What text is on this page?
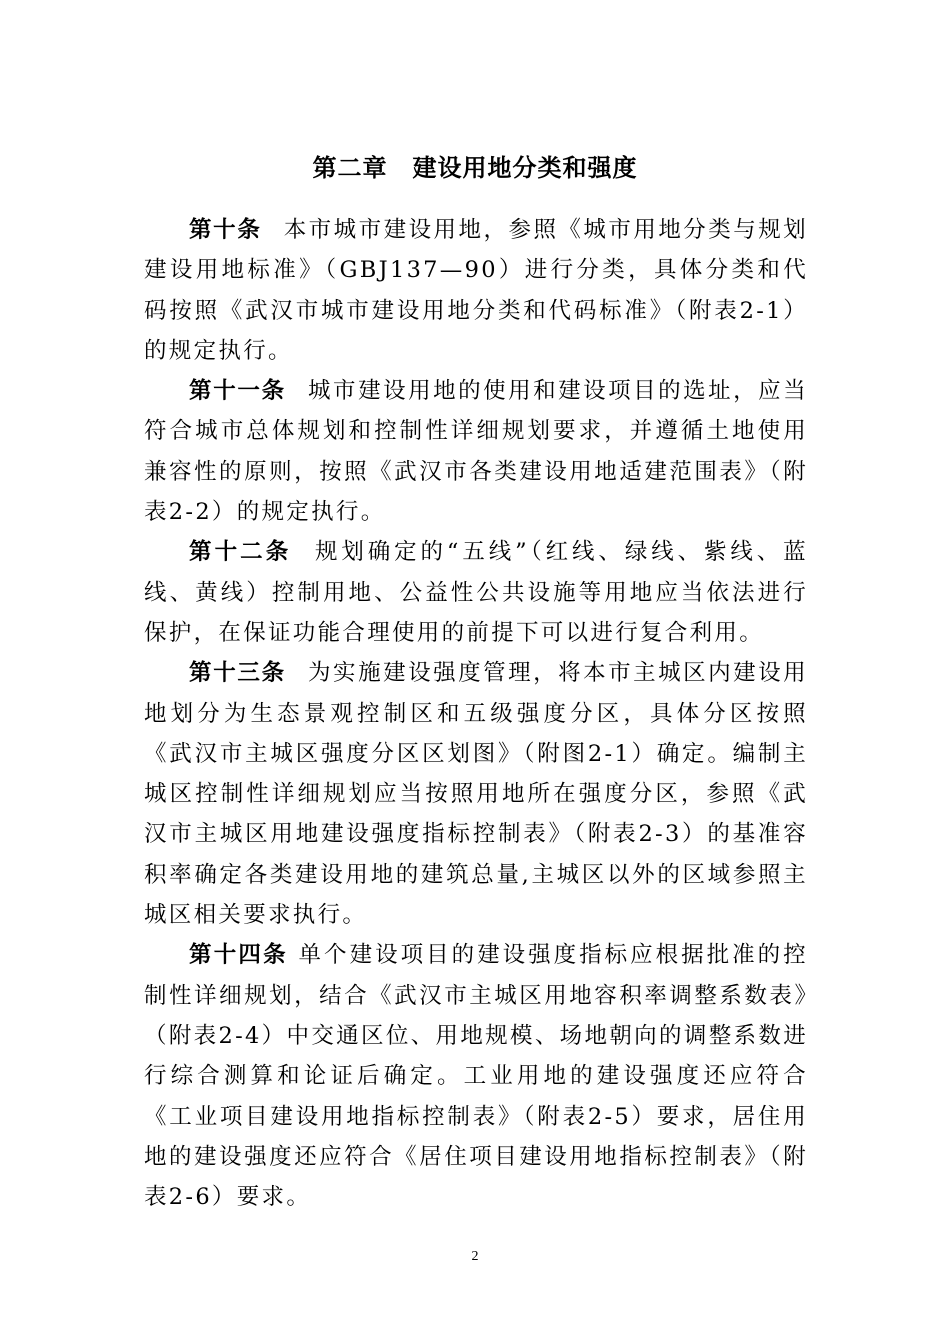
第二章　建设用地分类和强度

第十条 本市城市建设用地，参照《城市用地分类与规划建设用地标准》（GBJ137—90）进行分类，具体分类和代码按照《武汉市城市建设用地分类和代码标准》（附表2-1）的规定执行。

第十一条 城市建设用地的使用和建设项目的选址，应当符合城市总体规划和控制性详细规划要求，并遵循土地使用兼容性的原则，按照《武汉市各类建设用地适建范围表》（附表2-2）的规定执行。

第十二条 规划确定的“五线”（红线、绿线、紫线、蓝线、黄线）控制用地、公益性公共设施等用地应当依法进行保护，在保证功能合理使用的前提下可以进行复合利用。

第十三条 为实施建设强度管理，将本市主城区内建设用地划分为生态景观控制区和五级强度分区，具体分区按照《武汉市主城区强度分区区划图》（附图2-1）确定。编制主城区控制性详细规划应当按照用地所在强度分区，参照《武汉市主城区用地建设强度指标控制表》（附表2-3）的基准容积率确定各类建设用地的建筑总量,主城区以外的区域参照主城区相关要求执行。

第十四条 单个建设项目的建设强度指标应根据批准的控制性详细规划，结合《武汉市主城区用地容积率调整系数表》（附表2-4）中交通区位、用地规模、场地朝向的调整系数进行综合测算和论证后确定。工业用地的建设强度还应符合《工业项目建设用地指标控制表》（附表2-5）要求，居住用地的建设强度还应符合《居住项目建设用地指标控制表》（附表2-6）要求。

2
